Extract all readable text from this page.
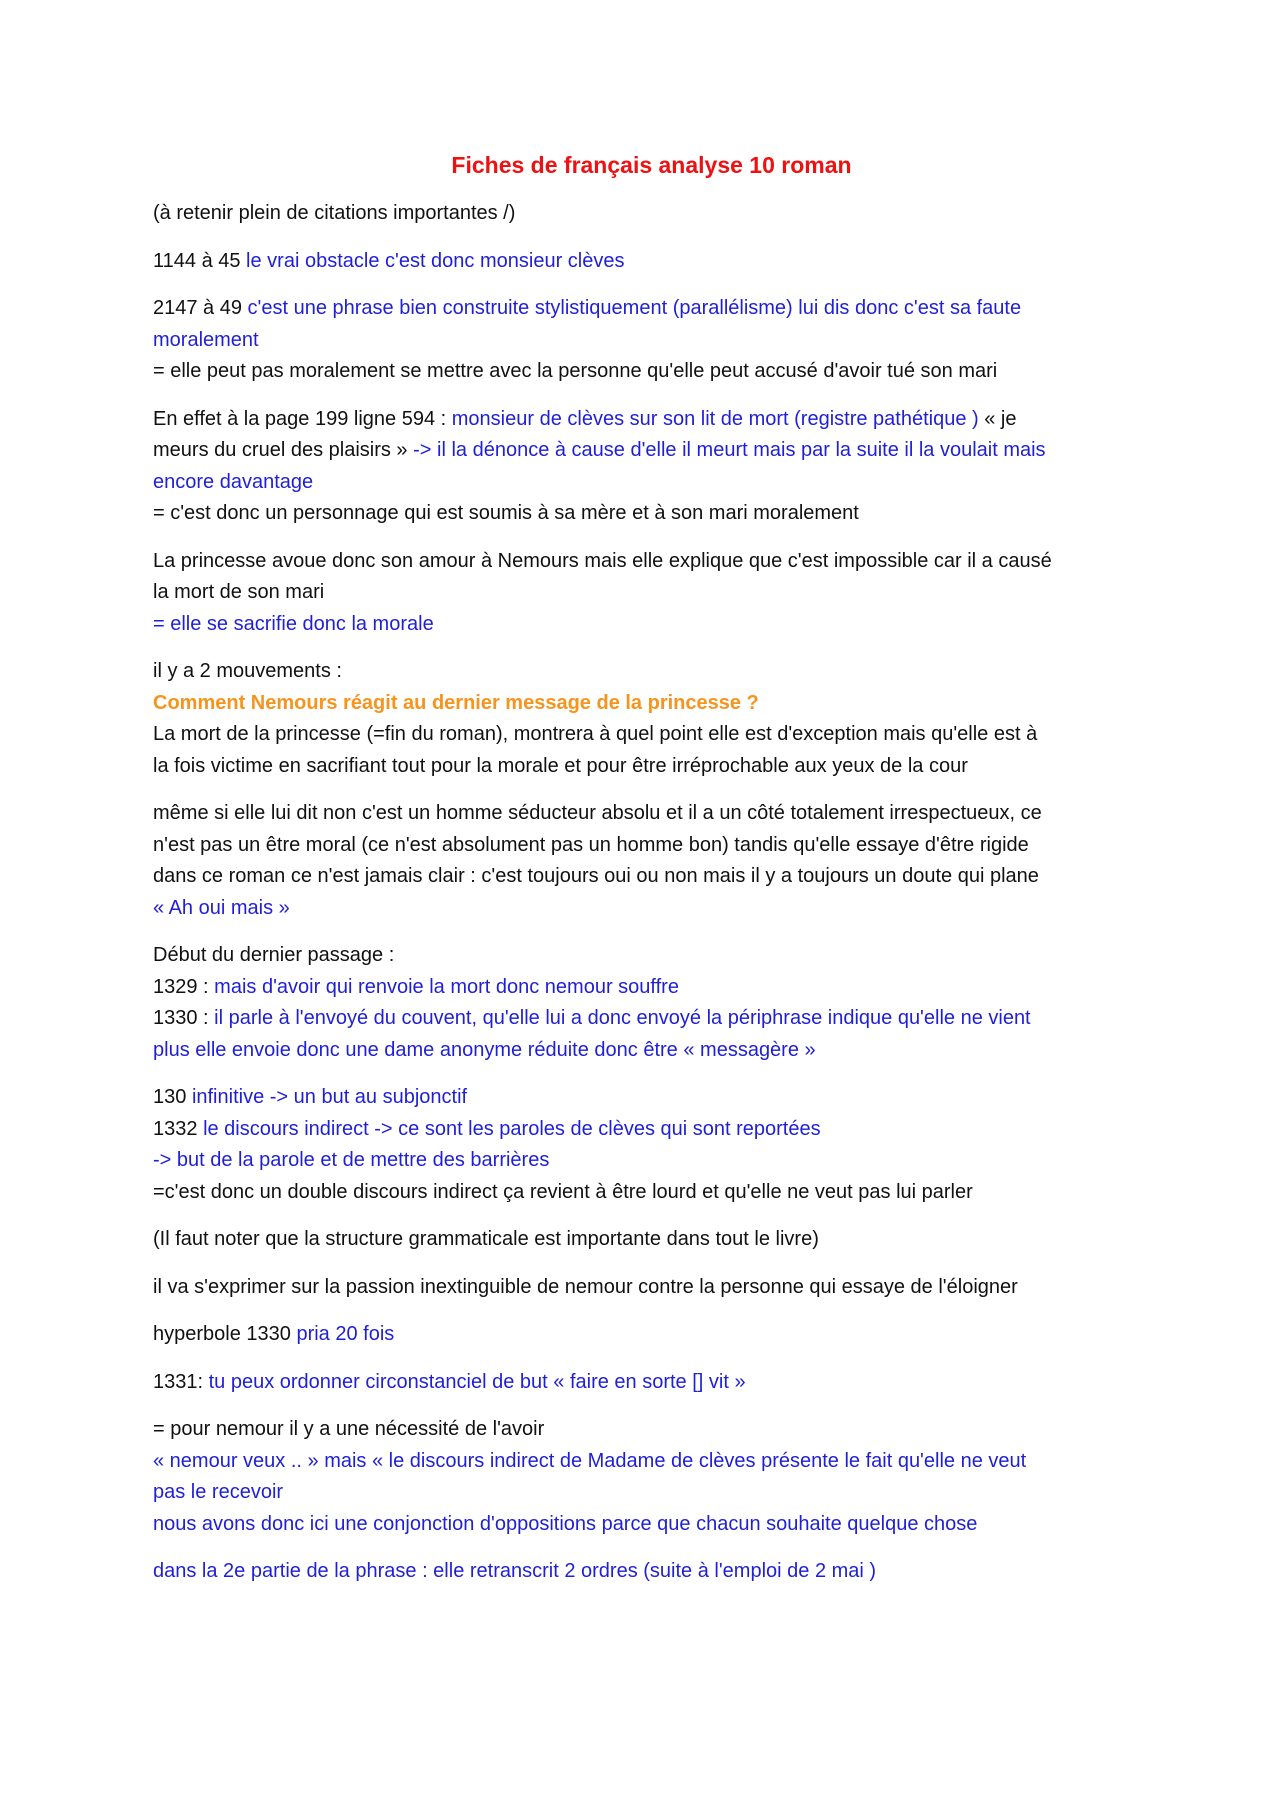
Fiches de français analyse 10 roman
(à retenir plein de citations importantes /)
1144 à 45 le vrai obstacle c'est donc monsieur clèves
2147 à 49 c'est une phrase bien construite stylistiquement (parallélisme) lui dis donc c'est sa faute
moralement
= elle peut pas moralement se mettre avec la personne qu'elle peut accusé d'avoir tué son mari
En effet à la page 199 ligne 594 : monsieur de clèves sur son lit de mort (registre pathétique ) « je
meurs du cruel des plaisirs » -> il la dénonce à cause d'elle il meurt mais par la suite il la voulait mais
encore davantage
= c'est donc un personnage qui est soumis à sa mère et à son mari moralement
La princesse avoue donc son amour à Nemours mais elle explique que c'est impossible car il a causé
la mort de son mari
= elle se sacrifie donc la morale
il y a 2 mouvements :
Comment Nemours réagit au dernier message de la princesse ?
La mort de la princesse (=fin du roman), montrera à quel point elle est d'exception mais qu'elle est à
la fois victime en sacrifiant tout pour la morale et pour être irréprochable aux yeux de la cour
même si elle lui dit non c'est un homme séducteur absolu et il a un côté totalement irrespectueux, ce
n'est pas un être moral (ce n'est absolument pas un homme bon) tandis qu'elle essaye d'être rigide
dans ce roman ce n'est jamais clair : c'est toujours oui ou non mais il y a toujours un doute qui plane
« Ah oui mais »
Début du dernier passage :
1329 : mais d'avoir qui renvoie la mort donc nemour souffre
1330 : il parle à l'envoyé du couvent, qu'elle lui a donc envoyé la périphrase indique qu'elle ne vient
plus elle envoie donc une dame anonyme réduite donc être « messagère »
130 infinitive -> un but au subjonctif
1332 le discours indirect -> ce sont les paroles de clèves qui sont reportées
-> but de la parole et de mettre des barrières
=c'est donc un double discours indirect ça revient à être lourd et qu'elle ne veut pas lui parler
(Il faut noter que la structure grammaticale est importante dans tout le livre)
il va s'exprimer sur la passion inextinguible de nemour contre la personne qui essaye de l'éloigner
hyperbole 1330 pria 20 fois
1331: tu peux ordonner circonstanciel de but « faire en sorte [] vit »
= pour nemour il y a une nécessité de l'avoir
« nemour veux .. » mais « le discours indirect de Madame de clèves présente le fait qu'elle ne veut
pas le recevoir
nous avons donc ici une conjonction d'oppositions parce que chacun souhaite quelque chose
dans la 2e partie de la phrase : elle retranscrit 2 ordres (suite à l'emploi de 2 mai )
